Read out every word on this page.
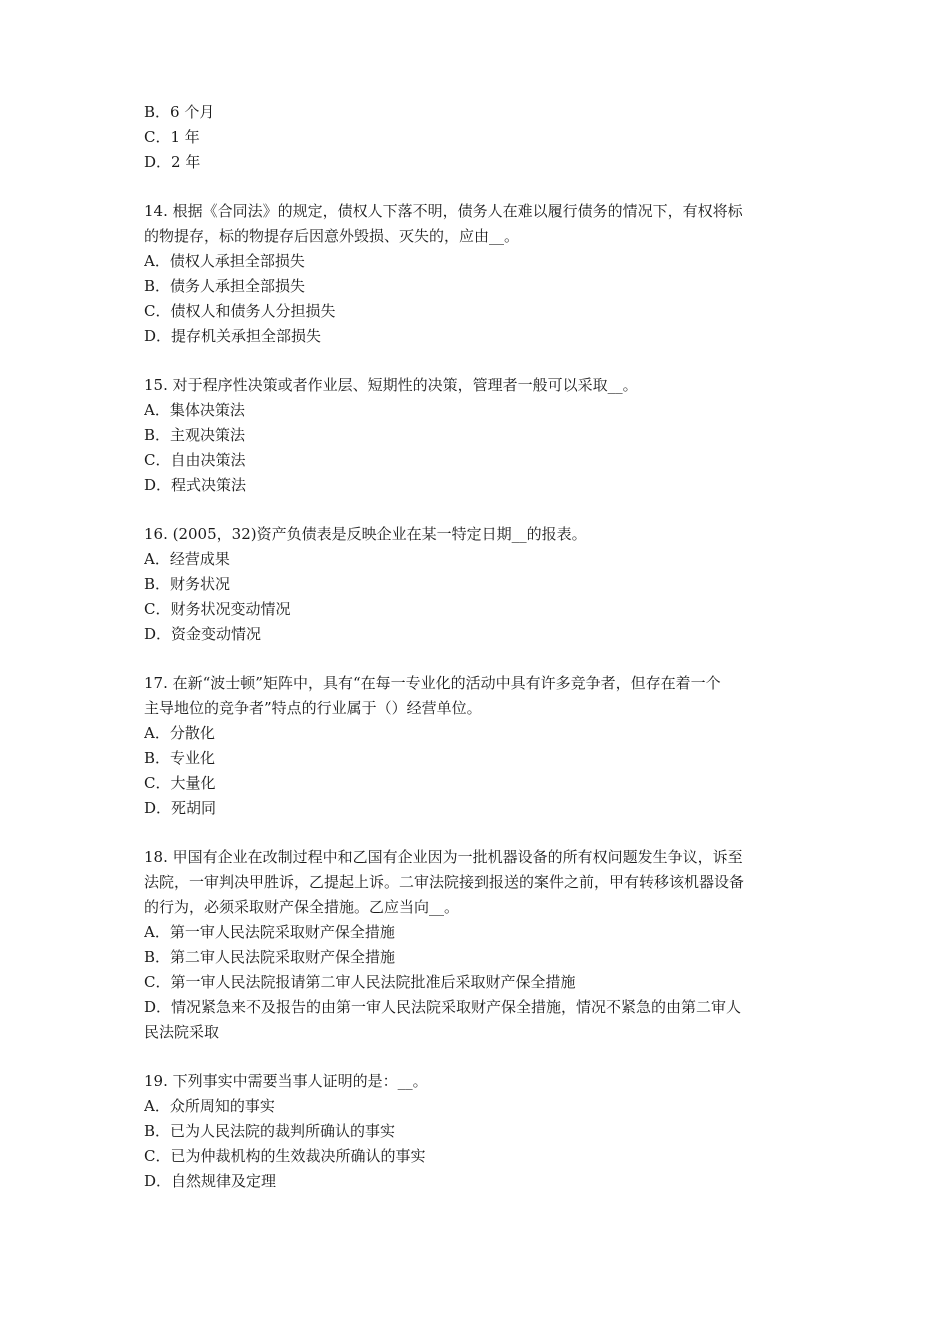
B．6 个月
C．1 年
D．2 年
14. 根据《合同法》的规定，债权人下落不明，债务人在难以履行债务的情况下，有权将标
的物提存，标的物提存后因意外毁损、灭失的，应由__。
A．债权人承担全部损失
B．债务人承担全部损失
C．债权人和债务人分担损失
D．提存机关承担全部损失
15. 对于程序性决策或者作业层、短期性的决策，管理者一般可以采取__。
A．集体决策法
B．主观决策法
C．自由决策法
D．程式决策法
16. (2005，32)资产负债表是反映企业在某一特定日期__的报表。
A．经营成果
B．财务状况
C．财务状况变动情况
D．资金变动情况
17. 在新“波士顿”矩阵中，具有“在每一专业化的活动中具有许多竞争者，但存在着一个
主导地位的竞争者”特点的行业属于（）经营单位。
A．分散化
B．专业化
C．大量化
D．死胡同
18. 甲国有企业在改制过程中和乙国有企业因为一批机器设备的所有权问题发生争议，诉至
法院，一审判决甲胜诉，乙提起上诉。二审法院接到报送的案件之前，甲有转移该机器设备
的行为，必须采取财产保全措施。乙应当向__。
A．第一审人民法院采取财产保全措施
B．第二审人民法院采取财产保全措施
C．第一审人民法院报请第二审人民法院批准后采取财产保全措施
D．情况紧急来不及报告的由第一审人民法院采取财产保全措施，情况不紧急的由第二审人
民法院采取
19. 下列事实中需要当事人证明的是：__。
A．众所周知的事实
B．已为人民法院的裁判所确认的事实
C．已为仲裁机构的生效裁决所确认的事实
D．自然规律及定理
